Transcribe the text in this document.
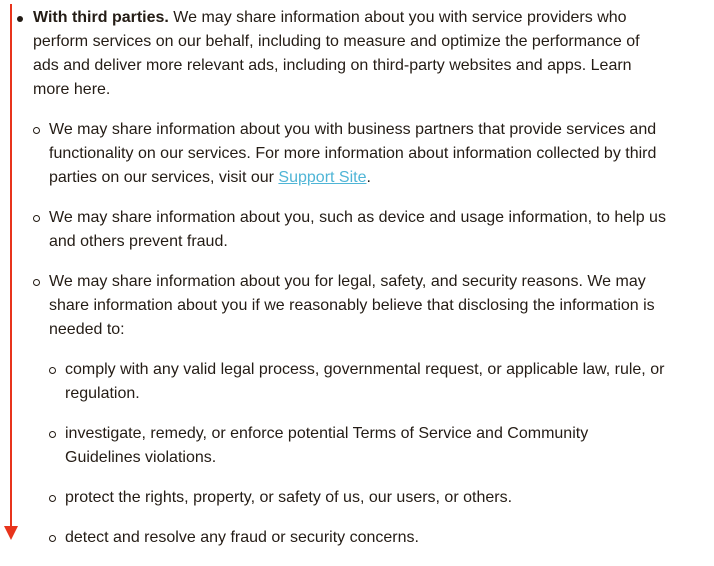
With third parties. We may share information about you with service providers who perform services on our behalf, including to measure and optimize the performance of ads and deliver more relevant ads, including on third-party websites and apps. Learn more here.
We may share information about you with business partners that provide services and functionality on our services. For more information about information collected by third parties on our services, visit our Support Site.
We may share information about you, such as device and usage information, to help us and others prevent fraud.
We may share information about you for legal, safety, and security reasons. We may share information about you if we reasonably believe that disclosing the information is needed to:
comply with any valid legal process, governmental request, or applicable law, rule, or regulation.
investigate, remedy, or enforce potential Terms of Service and Community Guidelines violations.
protect the rights, property, or safety of us, our users, or others.
detect and resolve any fraud or security concerns.
